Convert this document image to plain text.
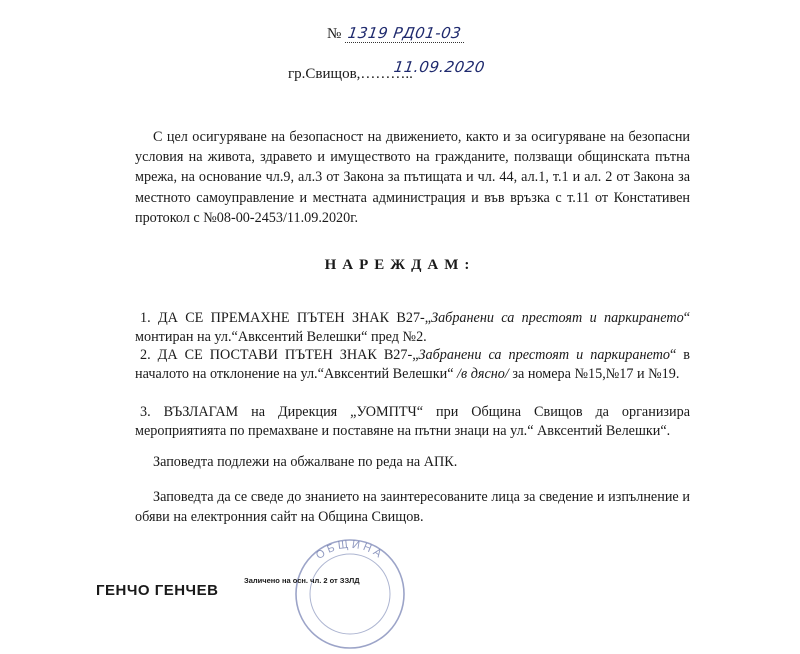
№ 1319 РД01-03
гр.Свищов,………..
11.09.2020
С цел осигуряване на безопасност на движението, както и за осигуряване на безопасни условия на живота, здравето и имуществото на гражданите, ползващи общинската пътна мрежа, на основание чл.9, ал.3 от Закона за пътищата и чл. 44, ал.1, т.1 и ал. 2 от Закона за местното самоуправление и местната администрация и във връзка с т.11 от Констативен протокол с №08-00-2453/11.09.2020г.
НАРЕЖДАМ:
1. ДА СЕ ПРЕМАХНЕ ПЪТЕН ЗНАК В27-„Забранени са престоят и паркирането“ монтиран на ул.“Авксентий Велешки“ пред №2.
2. ДА СЕ ПОСТАВИ ПЪТЕН ЗНАК В27-„Забранени са престоят и паркирането“ в началото на отклонение на ул.“Авксентий Велешки“ /в дясно/ за номера №15,№17 и №19.
3. ВЪЗЛАГАМ на Дирекция „УОМПТЧ“ при Община Свищов да организира мероприятията по премахване и поставяне на пътни знаци на ул.“ Авксентий Велешки“.
Заповедта подлежи на обжалване по реда на АПК.
Заповедта да се сведе до знанието на заинтересованите лица за сведение и изпълнение и обяви на електронния сайт на Община Свищов.
ОБЩИНА
ГЕНЧО ГЕНЧЕВ
Заличено на осн. чл. 2 от ЗЗЛД
